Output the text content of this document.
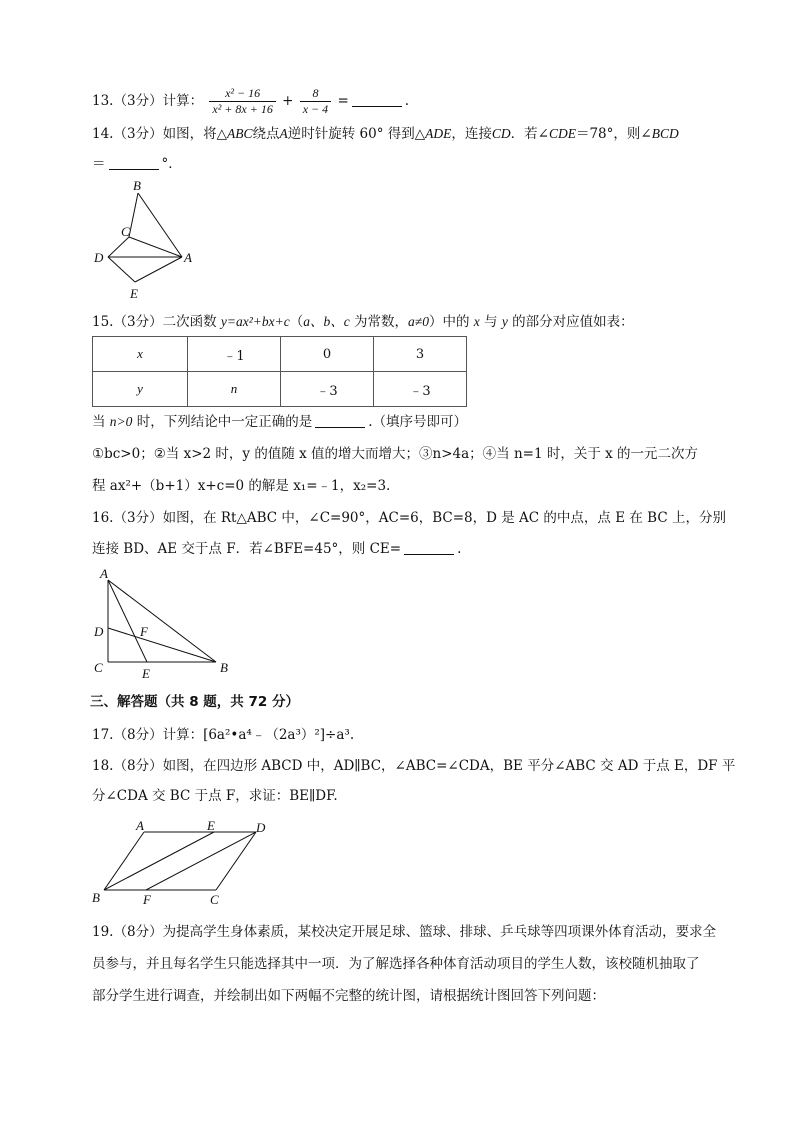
13.（3分）计算： $\frac{\text{x² − 16}}{\text{x² + 8x + 16}} + \frac{8}{x - 4}$ =	.
14.（3分）如图，将△ABC绕点A逆时针旋转 60° 得到△ADE，连接CD．若∠CDE＝78°，则∠BCD
＝	°．
B
C
D	A
E
15.（3分）二次函数 y=ax²+bx+c（a、b、c 为常数，a≠0）中的 x 与 y 的部分对应值如表：
x	﹣1	0	3
y	n	﹣3	﹣3
当 n>0 时，下列结论中一定正确的是	.（填序号即可）
①bc>0；②当 x>2 时，y 的值随 x 值的增大而增大；③n>4a；④当 n=1 时，关于 x 的一元二次方
程 ax²+（b+1）x+c=0 的解是 x₁=﹣1，x₂=3.
16.（3分）如图，在 Rt△ABC 中，∠C=90°，AC=6，BC=8，D 是 AC 的中点，点 E 在 BC 上，分别
连接 BD、AE 交于点 F．若∠BFE=45°，则 CE=	.
A
D	F
C	E	B
三、解答题（共 8 题，共 72 分）
17.（8分）计算：[6a²•a⁴﹣（2a³）²]÷a³.
18.（8分）如图，在四边形 ABCD 中，AD∥BC，∠ABC=∠CDA，BE 平分∠ABC 交 AD 于点 E，DF 平
分∠CDA 交 BC 于点 F，求证：BE∥DF.
A	E	D
B	F	C
19.（8分）为提高学生身体素质，某校决定开展足球、篮球、排球、乒乓球等四项课外体育活动，要求全
员参与，并且每名学生只能选择其中一项．为了解选择各种体育活动项目的学生人数，该校随机抽取了
部分学生进行调查，并绘制出如下两幅不完整的统计图，请根据统计图回答下列问题：
